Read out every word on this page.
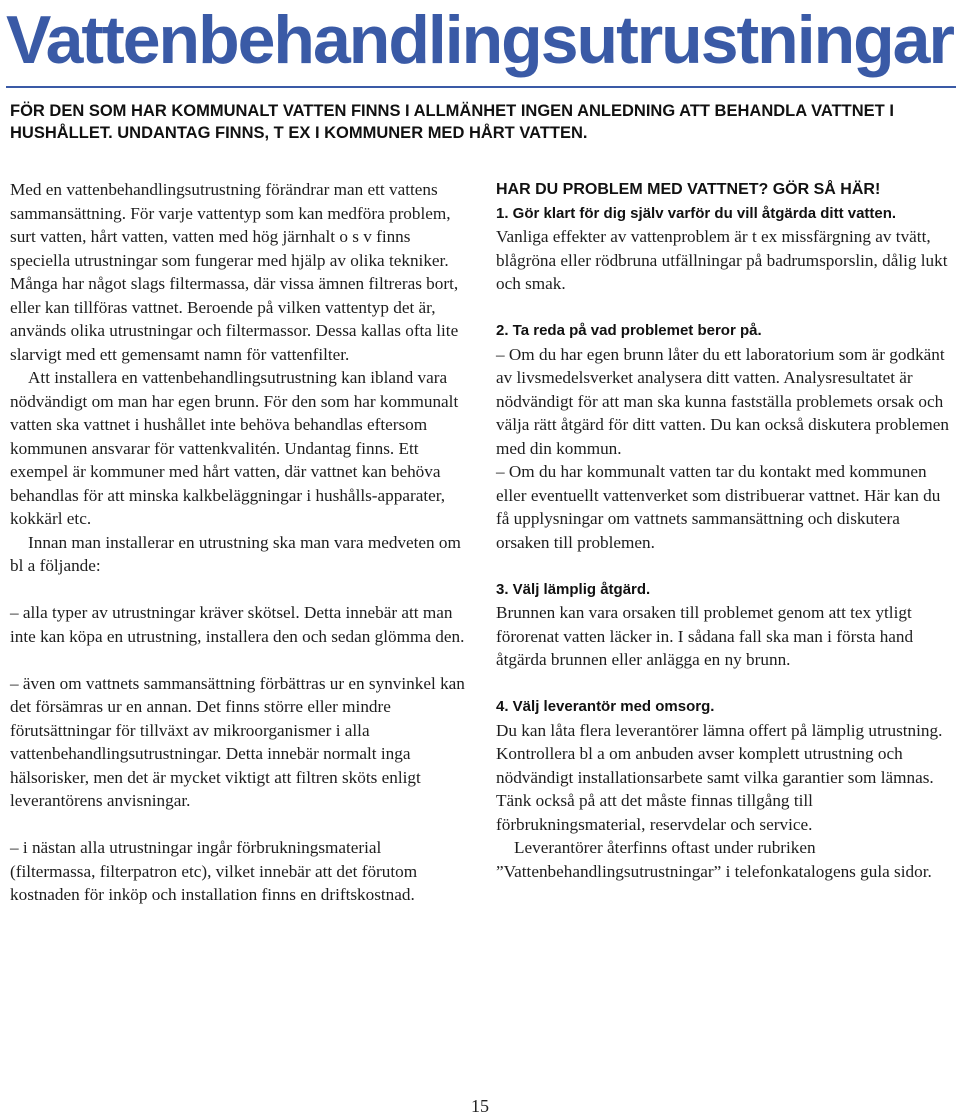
Vattenbehandlingsutrustningar

FÖR DEN SOM HAR KOMMUNALT VATTEN FINNS I ALLMÄNHET INGEN ANLEDNING ATT BEHANDLA VATTNET I HUSHÅLLET. UNDANTAG FINNS, T EX I KOMMUNER MED HÅRT VATTEN.

Med en vattenbehandlingsutrustning förändrar man ett vattens sammansättning. För varje vattentyp som kan medföra problem, surt vatten, hårt vatten, vatten med hög järnhalt o s v finns speciella utrustningar som fungerar med hjälp av olika tekniker. Många har något slags filtermassa, där vissa ämnen filtreras bort, eller kan tillföras vattnet. Beroende på vilken vattentyp det är, används olika utrustningar och filtermassor. Dessa kallas ofta lite slarvigt med ett gemensamt namn för vattenfilter.

Att installera en vattenbehandlingsutrustning kan ibland vara nödvändigt om man har egen brunn. För den som har kommunalt vatten ska vattnet i hushållet inte behöva behandlas eftersom kommunen ansvarar för vattenkvalitén. Undantag finns. Ett exempel är kommuner med hårt vatten, där vattnet kan behöva behandlas för att minska kalkbeläggningar i hushålls-apparater, kokkärl etc.

Innan man installerar en utrustning ska man vara medveten om bl a följande:

– alla typer av utrustningar kräver skötsel. Detta innebär att man inte kan köpa en utrustning, installera den och sedan glömma den.

– även om vattnets sammansättning förbättras ur en synvinkel kan det försämras ur en annan. Det finns större eller mindre förutsättningar för tillväxt av mikroorganismer i alla vattenbehandlingsutrustningar. Detta innebär normalt inga hälsorisker, men det är mycket viktigt att filtren sköts enligt leverantörens anvisningar.

– i nästan alla utrustningar ingår förbrukningsmaterial (filtermassa, filterpatron etc), vilket innebär att det förutom kostnaden för inköp och installation finns en driftskostnad.

HAR DU PROBLEM MED VATTNET? GÖR SÅ HÄR!

1. Gör klart för dig själv varför du vill åtgärda ditt vatten.

Vanliga effekter av vattenproblem är t ex missfärgning av tvätt, blågröna eller rödbruna utfällningar på badrumsporslin, dålig lukt och smak.

2. Ta reda på vad problemet beror på.

– Om du har egen brunn låter du ett laboratorium som är godkänt av livsmedelsverket analysera ditt vatten. Analysresultatet är nödvändigt för att man ska kunna fastställa problemets orsak och välja rätt åtgärd för ditt vatten. Du kan också diskutera problemen med din kommun.

– Om du har kommunalt vatten tar du kontakt med kommunen eller eventuellt vattenverket som distribuerar vattnet. Här kan du få upplysningar om vattnets sammansättning och diskutera orsaken till problemen.

3. Välj lämplig åtgärd.

Brunnen kan vara orsaken till problemet genom att tex ytligt förorenat vatten läcker in. I sådana fall ska man i första hand åtgärda brunnen eller anlägga en ny brunn.

4. Välj leverantör med omsorg.

Du kan låta flera leverantörer lämna offert på lämplig utrustning. Kontrollera bl a om anbuden avser komplett utrustning och nödvändigt installationsarbete samt vilka garantier som lämnas. Tänk också på att det måste finnas tillgång till förbrukningsmaterial, reservdelar och service.

Leverantörer återfinns oftast under rubriken ”Vattenbehandlingsutrustningar” i telefonkatalogens gula sidor.

15
